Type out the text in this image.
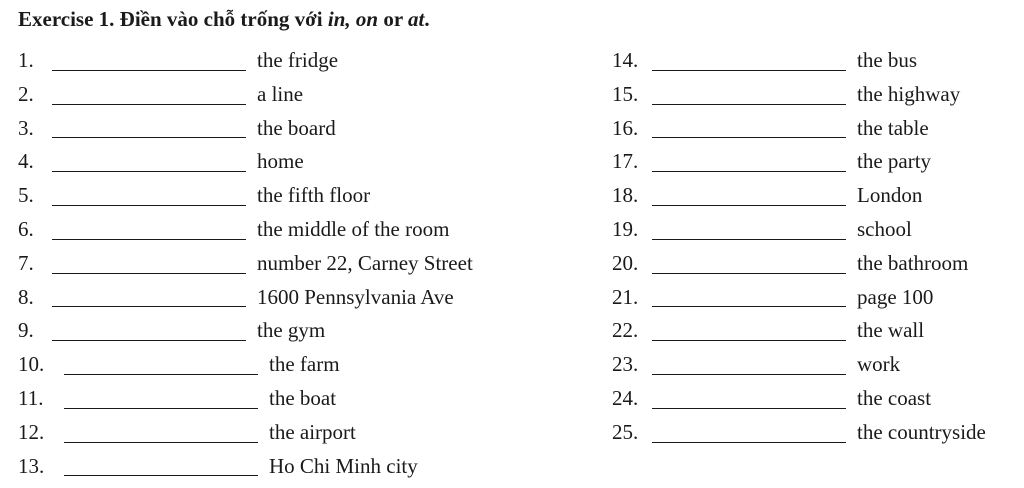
Exercise 1. Điền vào chỗ trống với in, on or at.
1.	the fridge
2.	a line
3.	the board
4.	home
5.	the fifth floor
6.	the middle of the room
7.	number 22, Carney Street
8.	1600 Pennsylvania Ave
9.	the gym
10.	the farm
11.	the boat
12.	the airport
13.	Ho Chi Minh city
14.	the bus
15.	the highway
16.	the table
17.	the party
18.	London
19.	school
20.	the bathroom
21.	page 100
22.	the wall
23.	work
24.	the coast
25.	the countryside
